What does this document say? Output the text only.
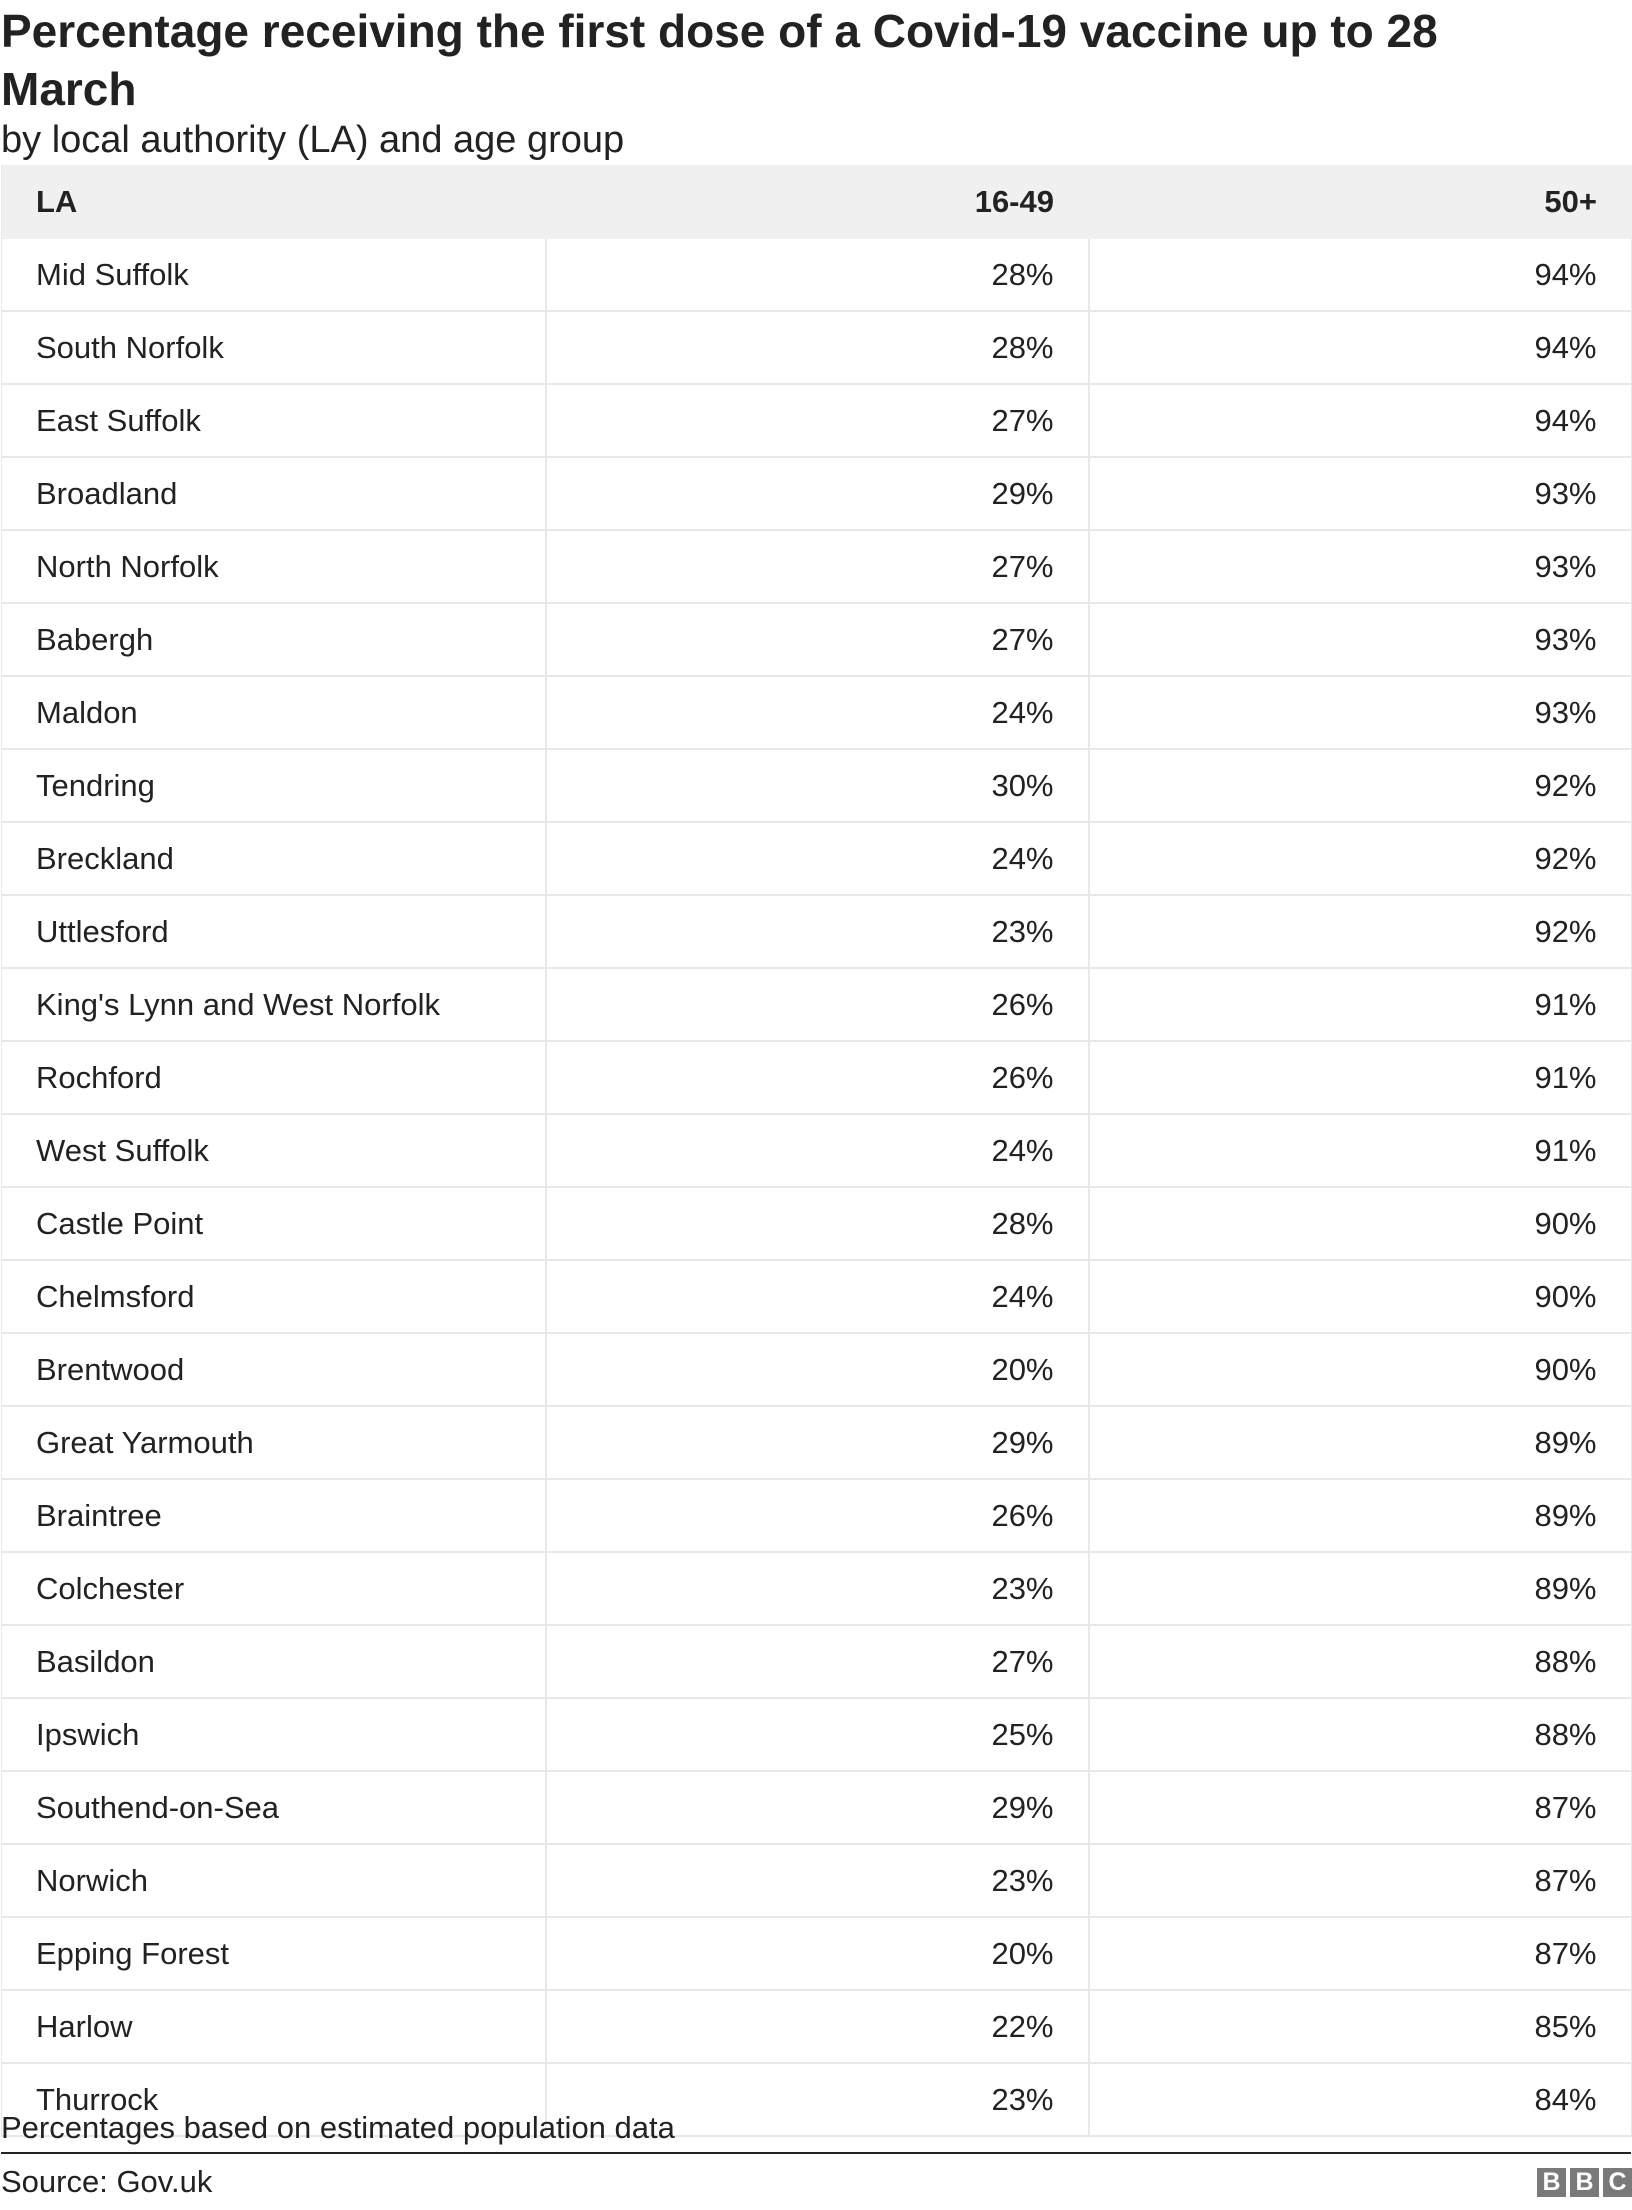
Percentage receiving the first dose of a Covid-19 vaccine up to 28 March
by local authority (LA) and age group
LA	16-49	50+
Mid Suffolk	28%	94%
South Norfolk	28%	94%
East Suffolk	27%	94%
Broadland	29%	93%
North Norfolk	27%	93%
Babergh	27%	93%
Maldon	24%	93%
Tendring	30%	92%
Breckland	24%	92%
Uttlesford	23%	92%
King's Lynn and West Norfolk	26%	91%
Rochford	26%	91%
West Suffolk	24%	91%
Castle Point	28%	90%
Chelmsford	24%	90%
Brentwood	20%	90%
Great Yarmouth	29%	89%
Braintree	26%	89%
Colchester	23%	89%
Basildon	27%	88%
Ipswich	25%	88%
Southend-on-Sea	29%	87%
Norwich	23%	87%
Epping Forest	20%	87%
Harlow	22%	85%
Thurrock	23%	84%
Percentages based on estimated population data
Source: Gov.uk	B B C
